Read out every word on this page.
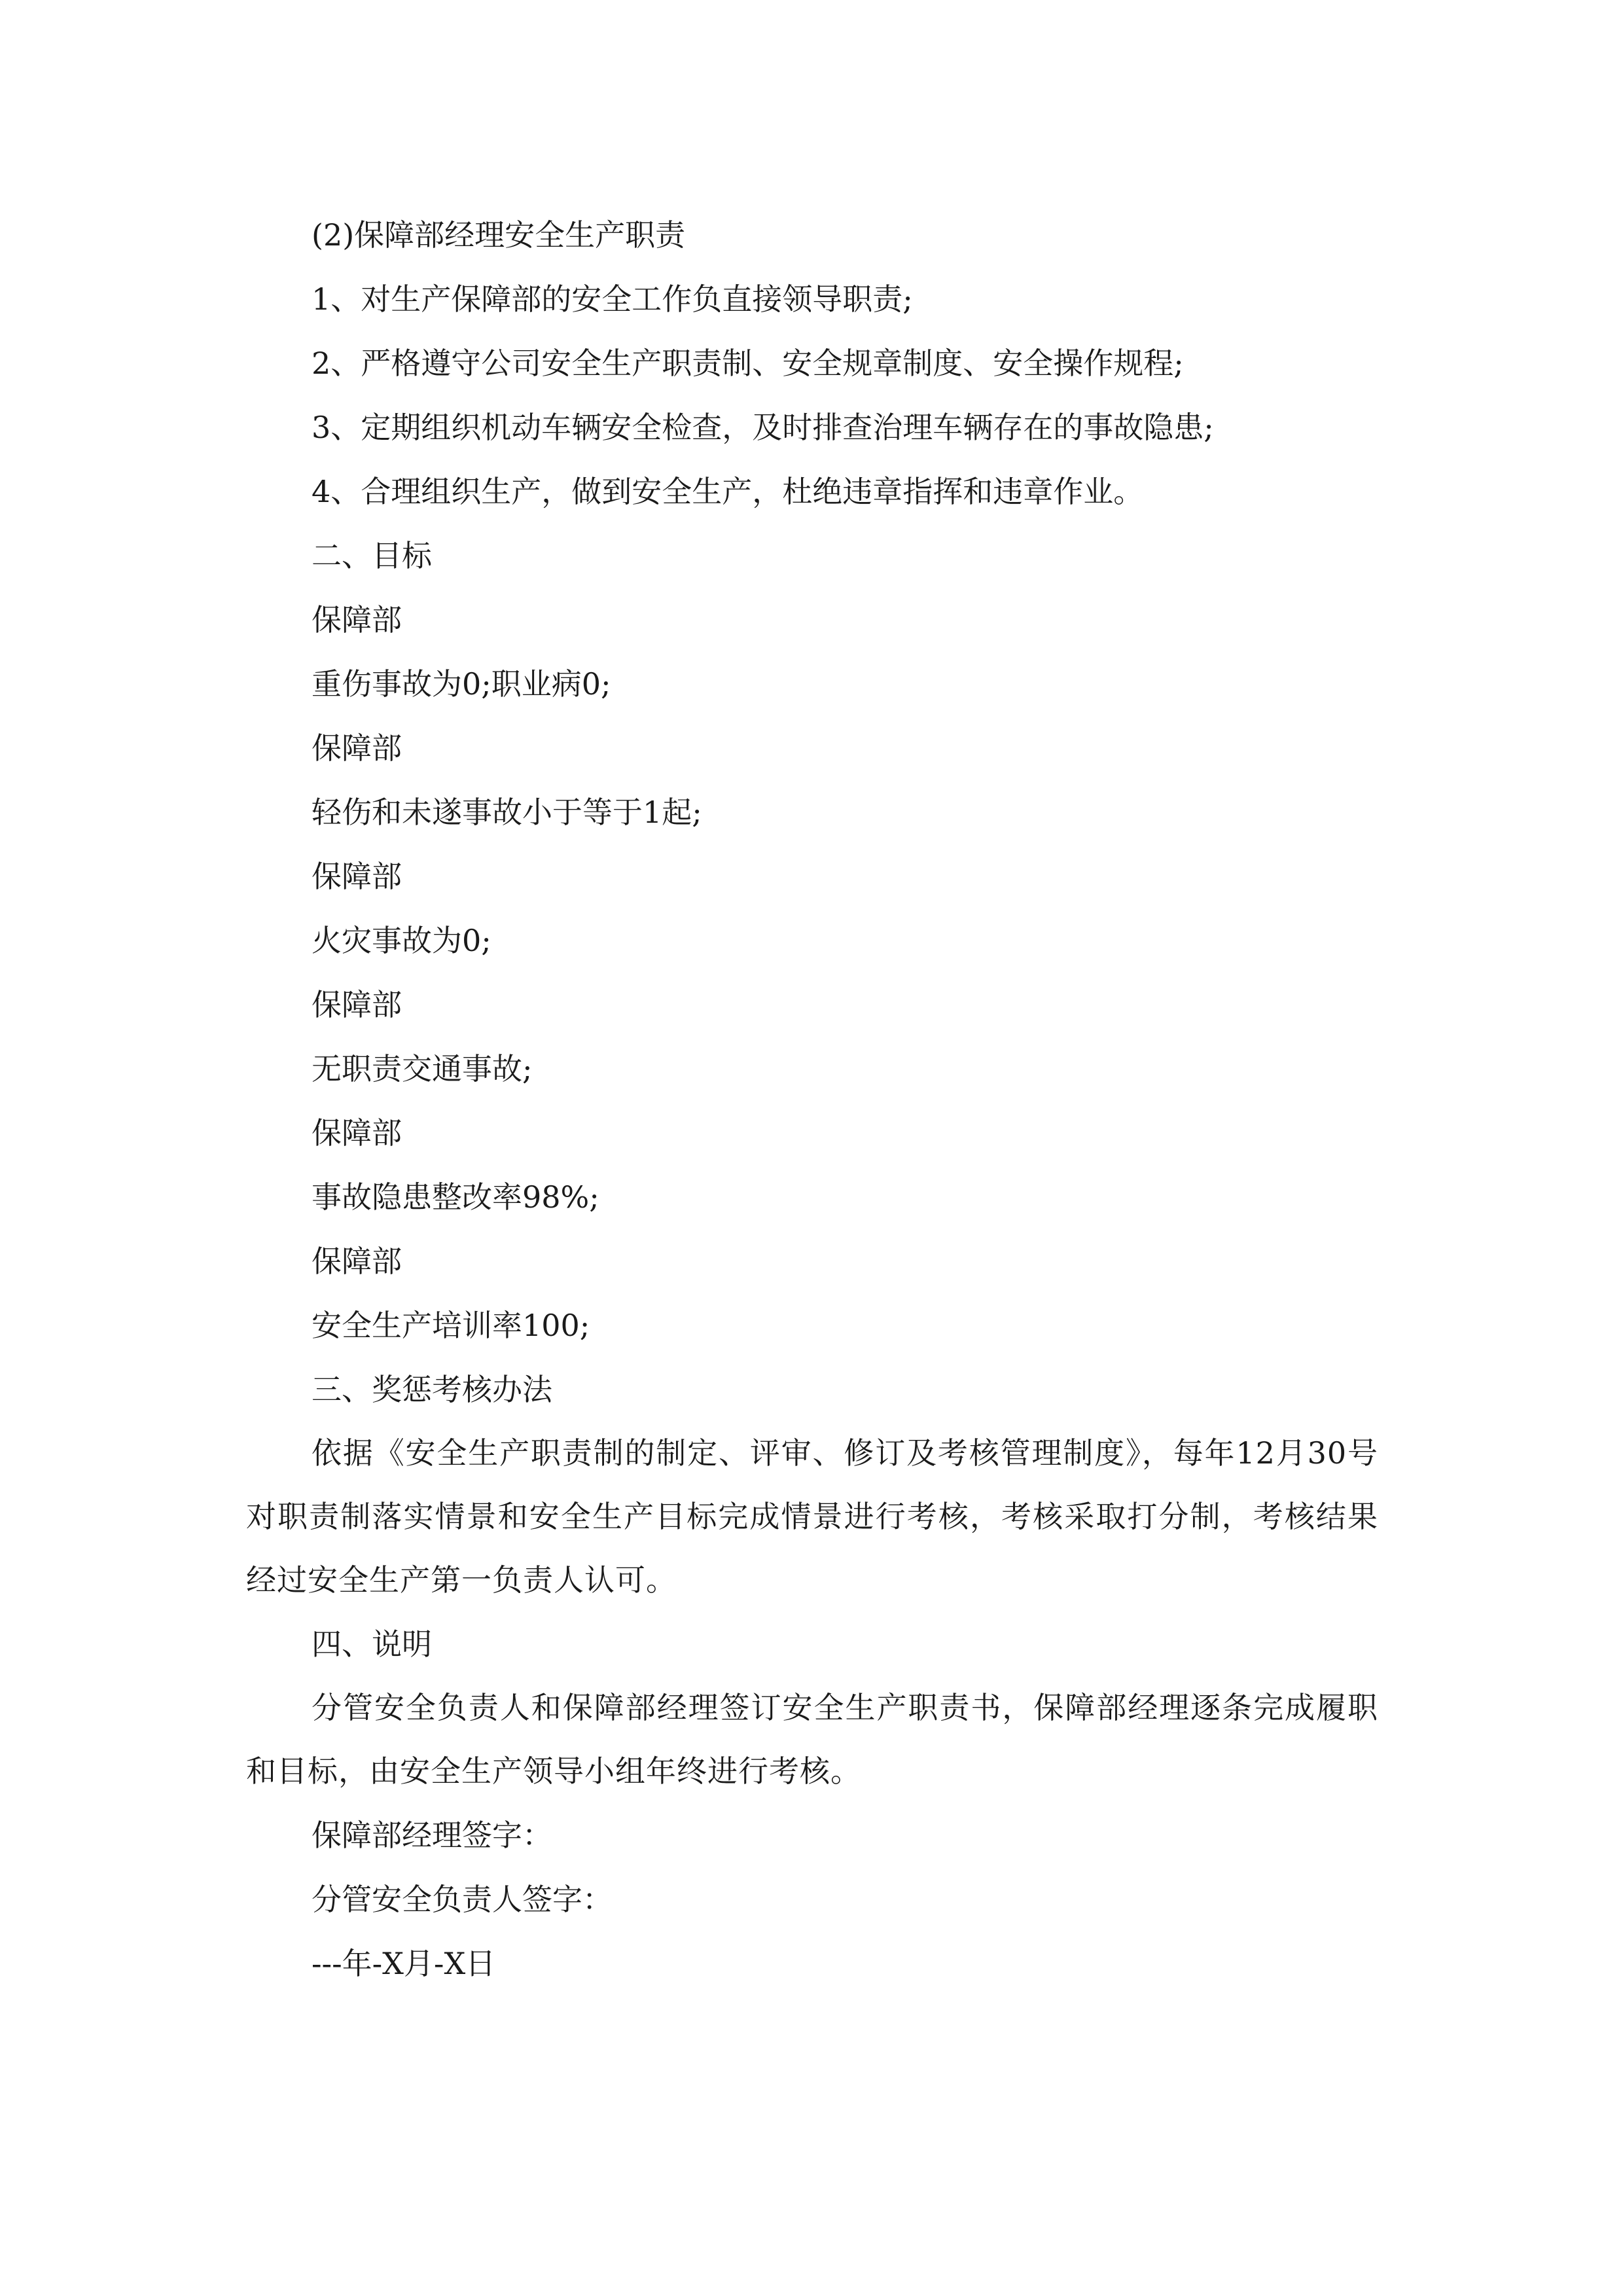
(2)保障部经理安全生产职责

1、对生产保障部的安全工作负直接领导职责;

2、严格遵守公司安全生产职责制、安全规章制度、安全操作规程;

3、定期组织机动车辆安全检查，及时排查治理车辆存在的事故隐患;

4、合理组织生产，做到安全生产，杜绝违章指挥和违章作业。

二、目标

保障部

重伤事故为0;职业病0;

保障部

轻伤和未遂事故小于等于1起;

保障部

火灾事故为0;

保障部

无职责交通事故;

保障部

事故隐患整改率98%;

保障部

安全生产培训率100;

三、奖惩考核办法

依据《安全生产职责制的制定、评审、修订及考核管理制度》，每年12月30号对职责制落实情景和安全生产目标完成情景进行考核，考核采取打分制，考核结果经过安全生产第一负责人认可。

四、说明

分管安全负责人和保障部经理签订安全生产职责书，保障部经理逐条完成履职和目标，由安全生产领导小组年终进行考核。

保障部经理签字：

分管安全负责人签字：

---年-X月-X日
